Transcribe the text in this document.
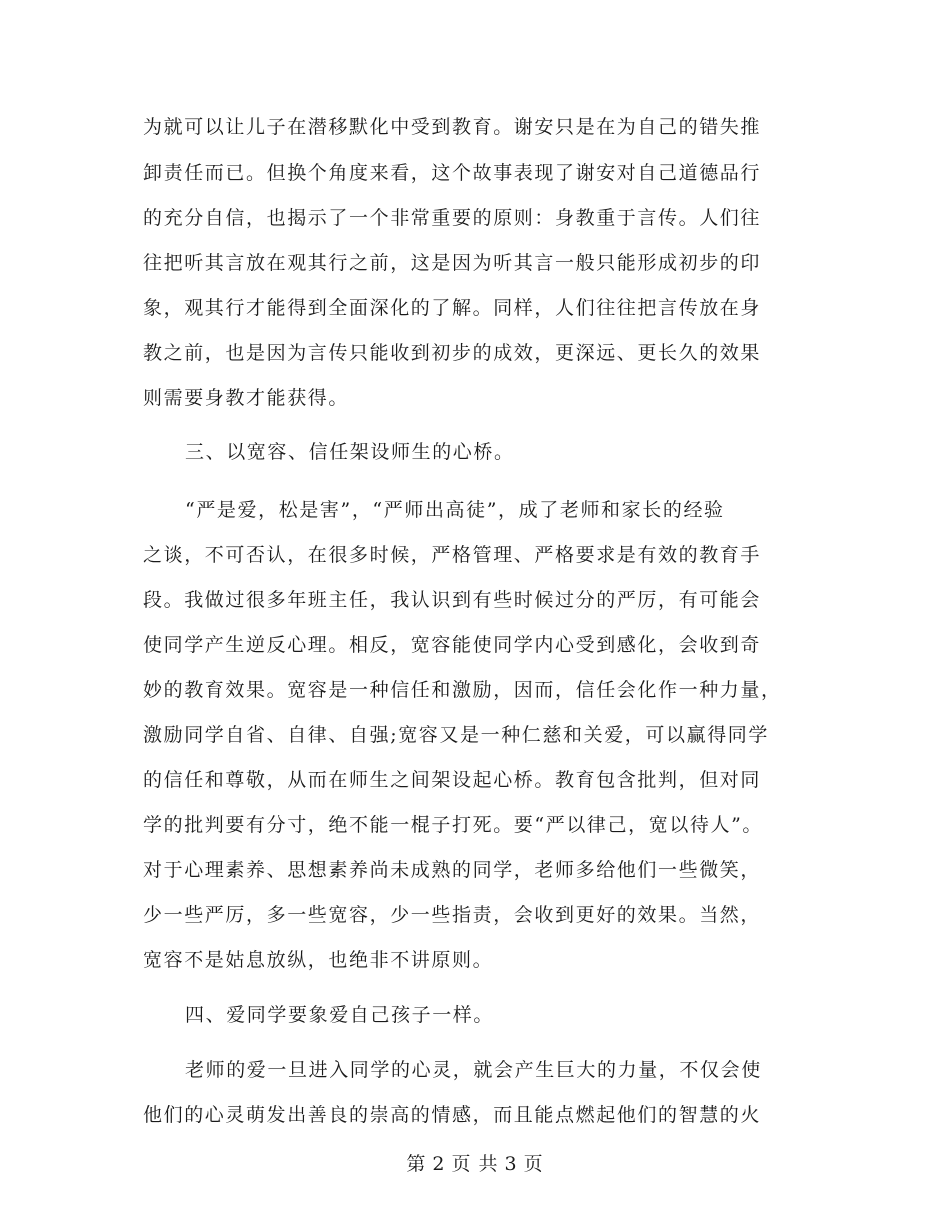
为就可以让儿子在潜移默化中受到教育。谢安只是在为自己的错失推
卸责任而已。但换个角度来看，这个故事表现了谢安对自己道德品行
的充分自信，也揭示了一个非常重要的原则：身教重于言传。人们往
往把听其言放在观其行之前，这是因为听其言一般只能形成初步的印
象，观其行才能得到全面深化的了解。同样，人们往往把言传放在身
教之前，也是因为言传只能收到初步的成效，更深远、更长久的效果
则需要身教才能获得。
三、以宽容、信任架设师生的心桥。
“严是爱，松是害”，“严师出高徒”，成了老师和家长的经验
之谈，不可否认，在很多时候，严格管理、严格要求是有效的教育手
段。我做过很多年班主任，我认识到有些时候过分的严厉，有可能会
使同学产生逆反心理。相反，宽容能使同学内心受到感化，会收到奇
妙的教育效果。宽容是一种信任和激励，因而，信任会化作一种力量，
激励同学自省、自律、自强;宽容又是一种仁慈和关爱，可以赢得同学
的信任和尊敬，从而在师生之间架设起心桥。教育包含批判，但对同
学的批判要有分寸，绝不能一棍子打死。要“严以律己，宽以待人”。
对于心理素养、思想素养尚未成熟的同学，老师多给他们一些微笑，
少一些严厉，多一些宽容，少一些指责，会收到更好的效果。当然，
宽容不是姑息放纵，也绝非不讲原则。
四、爱同学要象爱自己孩子一样。
老师的爱一旦进入同学的心灵，就会产生巨大的力量，不仅会使
他们的心灵萌发出善良的崇高的情感，而且能点燃起他们的智慧的火
第 2 页 共 3 页
